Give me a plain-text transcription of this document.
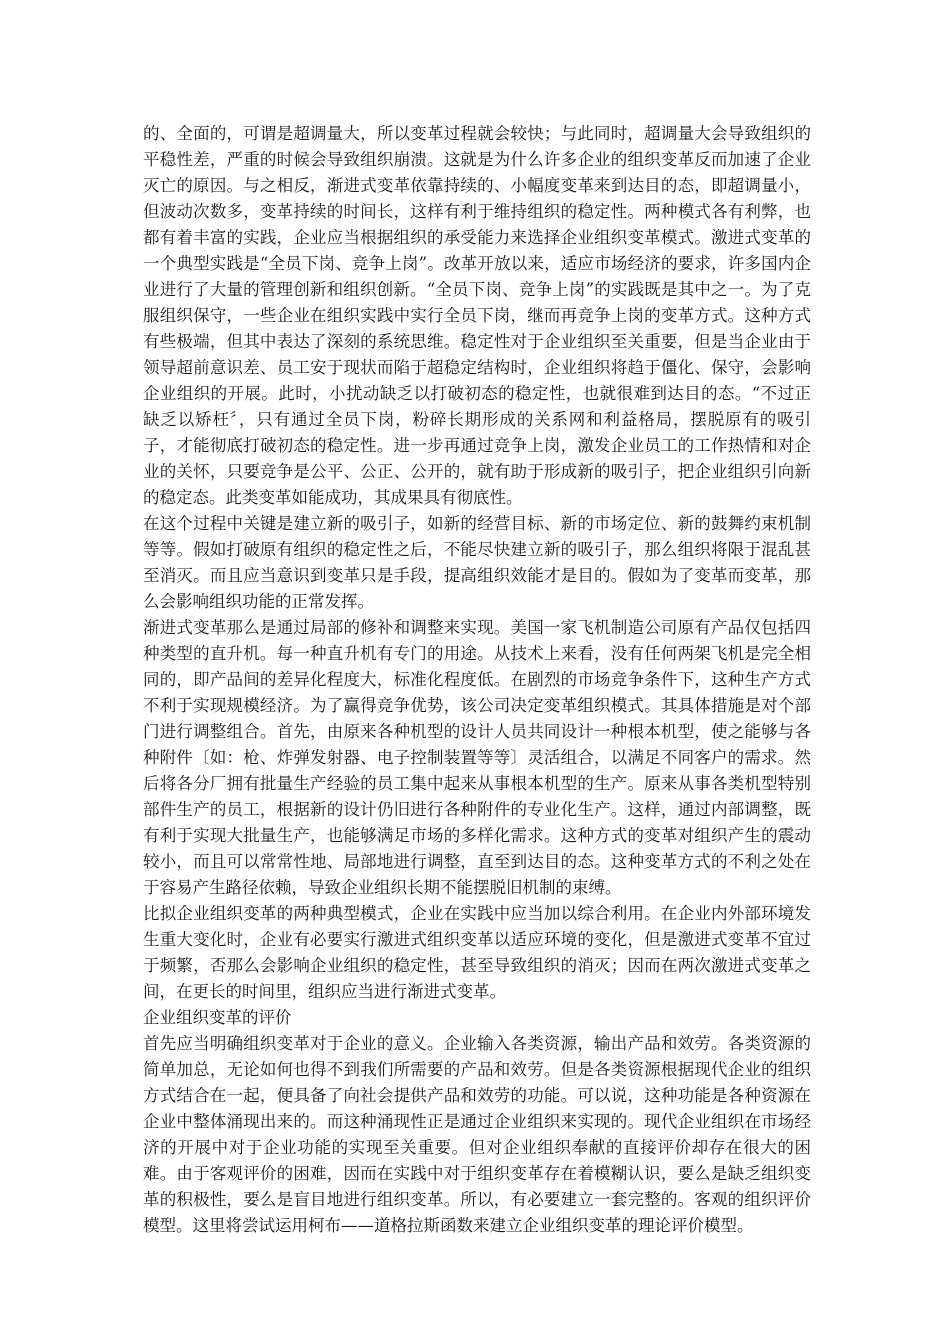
的、全面的，可谓是超调量大，所以变革过程就会较快；与此同时，超调量大会导致组织的平稳性差，严重的时候会导致组织崩溃。这就是为什么许多企业的组织变革反而加速了企业灭亡的原因。与之相反，渐进式变革依靠持续的、小幅度变革来到达目的态，即超调量小，但波动次数多，变革持续的时间长，这样有利于维持组织的稳定性。两种模式各有利弊，也都有着丰富的实践，企业应当根据组织的承受能力来选择企业组织变革模式。激进式变革的一个典型实践是“全员下岗、竞争上岗”。改革开放以来，适应市场经济的要求，许多国内企业进行了大量的管理创新和组织创新。“全员下岗、竞争上岗”的实践既是其中之一。为了克服组织保守，一些企业在组织实践中实行全员下岗，继而再竞争上岗的变革方式。这种方式有些极端，但其中表达了深刻的系统思维。稳定性对于企业组织至关重要，但是当企业由于领导超前意识差、员工安于现状而陷于超稳定结构时，企业组织将趋于僵化、保守，会影响企业组织的开展。此时，小扰动缺乏以打破初态的稳定性，也就很难到达目的态。“不过正缺乏以矫枉〞，只有通过全员下岗，粉碎长期形成的关系网和利益格局，摆脱原有的吸引子，才能彻底打破初态的稳定性。进一步再通过竞争上岗，激发企业员工的工作热情和对企业的关怀，只要竞争是公平、公正、公开的，就有助于形成新的吸引子，把企业组织引向新的稳定态。此类变革如能成功，其成果具有彻底性。

在这个过程中关键是建立新的吸引子，如新的经营目标、新的市场定位、新的鼓舞约束机制等等。假如打破原有组织的稳定性之后，不能尽快建立新的吸引子，那么组织将限于混乱甚至消灭。而且应当意识到变革只是手段，提高组织效能才是目的。假如为了变革而变革，那么会影响组织功能的正常发挥。

渐进式变革那么是通过局部的修补和调整来实现。美国一家飞机制造公司原有产品仅包括四种类型的直升机。每一种直升机有专门的用途。从技术上来看，没有任何两架飞机是完全相同的，即产品间的差异化程度大，标准化程度低。在剧烈的市场竞争条件下，这种生产方式不利于实现规模经济。为了赢得竞争优势，该公司决定变革组织模式。其具体措施是对个部门进行调整组合。首先，由原来各种机型的设计人员共同设计一种根本机型，使之能够与各种附件〔如：枪、炸弹发射器、电子控制装置等等〕灵活组合，以满足不同客户的需求。然后将各分厂拥有批量生产经验的员工集中起来从事根本机型的生产。原来从事各类机型特别部件生产的员工，根据新的设计仍旧进行各种附件的专业化生产。这样，通过内部调整，既有利于实现大批量生产，也能够满足市场的多样化需求。这种方式的变革对组织产生的震动较小，而且可以常常性地、局部地进行调整，直至到达目的态。这种变革方式的不利之处在于容易产生路径依赖，导致企业组织长期不能摆脱旧机制的束缚。

比拟企业组织变革的两种典型模式，企业在实践中应当加以综合利用。在企业内外部环境发生重大变化时，企业有必要实行激进式组织变革以适应环境的变化，但是激进式变革不宜过于频繁，否那么会影响企业组织的稳定性，甚至导致组织的消灭；因而在两次激进式变革之间，在更长的时间里，组织应当进行渐进式变革。

企业组织变革的评价

首先应当明确组织变革对于企业的意义。企业输入各类资源，输出产品和效劳。各类资源的简单加总，无论如何也得不到我们所需要的产品和效劳。但是各类资源根据现代企业的组织方式结合在一起，便具备了向社会提供产品和效劳的功能。可以说，这种功能是各种资源在企业中整体涌现出来的。而这种涌现性正是通过企业组织来实现的。现代企业组织在市场经济的开展中对于企业功能的实现至关重要。但对企业组织奉献的直接评价却存在很大的困难。由于客观评价的困难，因而在实践中对于组织变革存在着模糊认识，要么是缺乏组织变革的积极性，要么是盲目地进行组织变革。所以，有必要建立一套完整的。客观的组织评价模型。这里将尝试运用柯布——道格拉斯函数来建立企业组织变革的理论评价模型。
